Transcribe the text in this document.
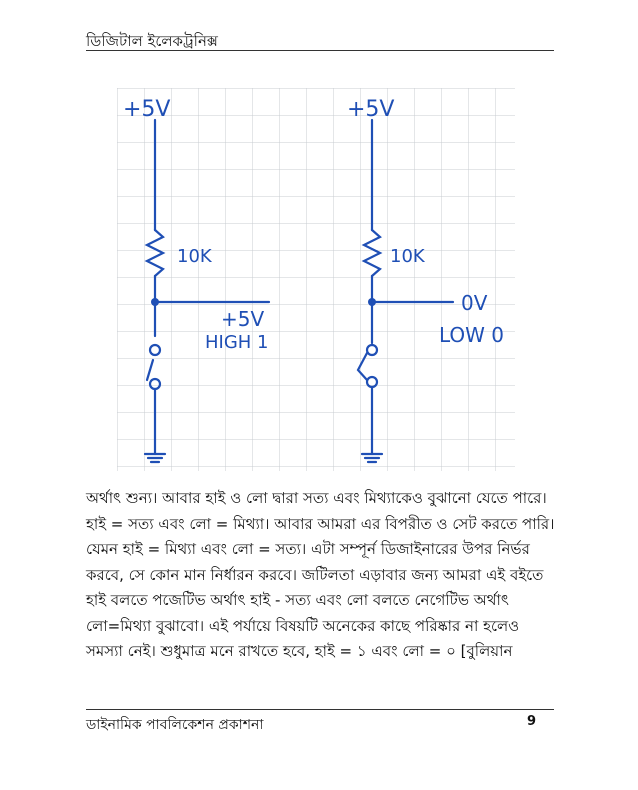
ডিজিটাল ইলেকট্রনিক্স
+5V
10K
+5V
HIGH 1
+5V
10K
0V
LOW 0
অর্থাৎ শুন্য। আবার হাই ও লো দ্বারা সত্য এবং মিথ্যাকেও বুঝানো যেতে পারে।
হাই = সত্য এবং লো = মিথ্যা। আবার আমরা এর বিপরীত ও সেট করতে পারি।
যেমন হাই = মিথ্যা এবং লো = সত্য। এটা সম্পূর্ন ডিজাইনারের উপর নির্ভর
করবে, সে কোন মান নির্ধারন করবে। জটিলতা এড়াবার জন্য আমরা এই বইতে
হাই বলতে পজেটিভ অর্থাৎ হাই - সত্য এবং লো বলতে নেগেটিভ অর্থাৎ
লো=মিথ্যা বুঝাবো। এই পর্যায়ে বিষয়টি অনেকের কাছে পরিষ্কার না হলেও
সমস্যা নেই। শুধুমাত্র মনে রাখতে হবে, হাই = ১ এবং লো = ০ [বুলিয়ান
ডাইনামিক পাবলিকেশন প্রকাশনা	9
